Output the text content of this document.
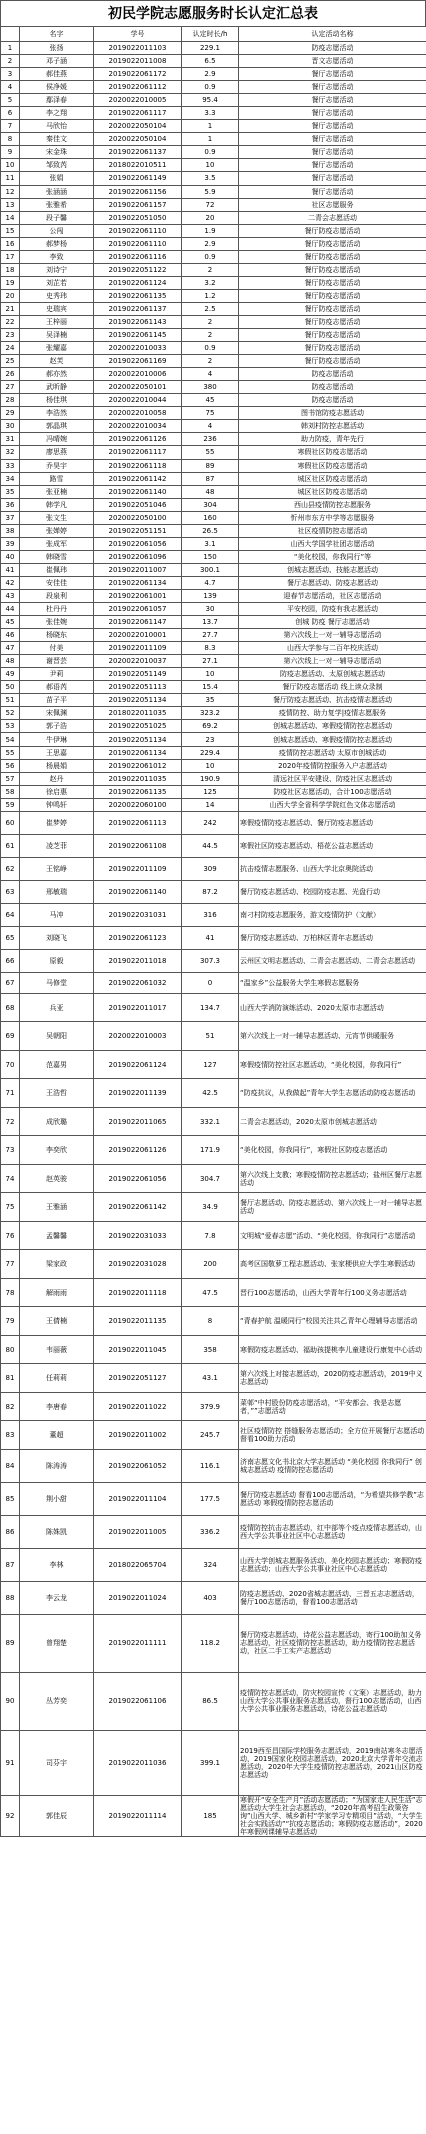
初民学院志愿服务时长认定汇总表
	名字	学号	认定时长/h	认定活动名称
1	张扬	2019022011103	229.1	防疫志愿活动
2	邓子涵	2019022011008	6.5	晋文志愿活动
3	郝佳燕	2019022061172	2.9	餐厅志愿活动
4	侯净媛	2019022061112	0.9	餐厅志愿活动
5	鄢泽春	2020022010005	95.4	餐厅志愿活动
6	李之翔	2019022061117	3.3	餐厅志愿活动
7	马欣怡	2020022050104	1	餐厅志愿活动
8	秦佳文	2020022050104	1	餐厅志愿活动
9	宋金珠	2019022061137	0.9	餐厅志愿活动
10	邹致芮	2018022010511	10	餐厅志愿活动
11	张娟	2019022061149	3.5	餐厅志愿活动
12	张涵涵	2019022061156	5.9	餐厅志愿活动
13	张雅希	2019022061157	72	社区志愿服务
14	段子馨	2019022051050	20	二青会志愿活动
15	公闯	2019022061110	1.9	餐厅防疫志愿活动
16	郝梦杨	2019022061110	2.9	餐厅防疫志愿活动
17	李致	2019022061116	0.9	餐厅防疫志愿活动
18	刘诗宁	2019022051122	2	餐厅防疫志愿活动
19	刘芷若	2019022061124	3.2	餐厅防疫志愿活动
20	史秀玮	2019022061135	1.2	餐厅防疫志愿活动
21	史瑞宾	2019022061137	2.5	餐厅防疫志愿活动
22	王梓丽	2019022061143	2	餐厅防疫志愿活动
23	吴泽楠	2019022061145	2	餐厅防疫志愿活动
24	张耀嘉	2020022010033	0.9	餐厅防疫志愿活动
25	赵芙	2019022061169	2	餐厅防疫志愿活动
26	郝亦然	2020022010006	4	防疫志愿活动
27	武昕静	2020022050101	380	防疫志愿活动
28	杨佳琪	2020022010044	45	防疫志愿活动
29	李浩然	2020022010058	75	图书馆防疫志愿活动
30	郭晶琪	2020022010034	4	韩刘村防控志愿活动
31	冯晴婉	2019022061126	236	助力防疫，青年先行
32	廖思燕	2019022061117	55	寒假社区防疫志愿活动
33	乔昊宇	2019022061118	89	寒假社区防疫志愿活动
34	路雪	2019022061142	87	城区社区防疫志愿活动
35	张亚楠	2019022061140	48	城区社区防疫志愿活动
36	韩学凡	2019022051046	304	西山县疫情防控志愿服务
37	张文生	2020022050100	160	忻州市东方中学等志愿服务
38	张婵婷	2019022051151	26.5	社区疫情防控志愿活动
39	张成军	2019022061056	3.1	山西大学国学社团志愿活动
40	韩晓雪	2019022061096	150	“美化校园，你我同行”等
41	崔佩玮	2019022011007	300.1	创城志愿活动、技能志愿活动
42	安佳佳	2019022061134	4.7	餐厅志愿活动、防疫志愿活动
43	段泉利	2019022061001	139	迎春节志愿活动，社区志愿活动
44	杜丹丹	2019022061057	30	平安校园，防疫有我志愿活动
45	张佳婉	2019022061147	13.7	创城 防疫 餐厅志愿活动
46	杨晓东	2020022010001	27.7	第六次线上一对一辅导志愿活动
47	付美	2019022011109	8.3	山西大学参与二百年校庆活动
48	谢晋芸	2020022010037	27.1	第六次线上一对一辅导志愿活动
49	尹莉	2019022051149	10	防疫志愿活动、太原创城志愿活动
50	郝语芮	2019022051113	15.4	餐厅防疫志愿活动 线上读众录制
51	苗子平	2019022051134	35	餐厅防疫志愿活动、抗击疫情志愿活动
52	宋佩渊	2018022011035	323.2	疫情防控、助力复学|疫情志愿服务
53	郭子浩	2019022051025	69.2	创城志愿活动、寒假疫情防控志愿活动
54	牛伊琳	2019022051134	23	创城志愿活动、寒假疫情防控志愿活动
55	王思嘉	2019022061134	229.4	疫情防控志愿活动 太原市创城活动
56	杨晨娟	2019022061012	10	2020年疫情防控服务入户志愿活动
57	赵丹	2019022011035	190.9	清远社区平安建设、防疫社区志愿活动
58	徐启惠	2019022061135	125	防疫社区志愿活动，合计100志愿活动
59	钟鸣轩	2020022060100	14	山西大学全省科学学院红色文体志愿活动
60	崔梦婷	2019022061113	242	寒假疫情防疫志愿活动、餐厅防疫志愿活动
61	凌芝菲	2019022061108	44.5	寒假社区防疫志愿活动、梧花公益志愿活动
62	王铭峥	2019022011109	309	抗击疫情志愿服务、山西大学北京奥院活动
63	邢敏瑞	2019022061140	87.2	餐厅防疫志愿活动、校园防疫志愿、光盘行动
64	马冲	2019022031031	316	南刁村防疫志愿服务，游文疫情防护（文献）
65	刘晓飞	2019022061123	41	餐厅防疫志愿活动、万柏林区青年志愿活动
66	原毅	2019022011018	307.3	云州区文明志愿活动、二青会志愿活动、二青会志愿活动
67	马修堂	2019022061032	0	“温家乡”公益服务大学生寒假志愿服务
68	兵亚	2019022011017	134.7	山西大学消防演练活动、2020太原市志愿活动
69	吴朝阳	2020022010003	51	第六次线上一对一辅导志愿活动、元宵节供暖服务
70	范嘉男	2019022061124	127	寒假疫情防控社区志愿活动，“美化校园，你我同行”
71	王浩哲	2019022011139	42.5	“防疫抗议，从我做起”青年大学生志愿活动防疫志愿活动
72	成欣璐	2019022011065	332.1	二青会志愿活动，2020太原市创城志愿活动
73	李奕欣	2019022061126	171.9	“美化校园，你我同行”，寒假社区防疫志愿活动
74	赵英骏	2019022061056	304.7	第六次线上支教；寒假疫情防控志愿活动；盐州区餐厅志愿活动
75	王雅涵	2019022061142	34.9	餐厅志愿活动、防疫志愿活动、第六次线上一对一辅导志愿活动
76	孟馨馨	2019022031033	7.8	文明城“爱春志愿”活动、“美化校园，你我同行”志愿活动
77	梁家政	2019022031028	200	高考区国敬萝工程志愿活动、张家梗供应大学生寒假活动
78	解雨雨	2019022011118	47.5	晋行100志愿活动，山西大学青年行100义务志愿活动
79	王倩楠	2019022011135	8	“青春护航 温暖同行”校园关注共乙青年心理辅导志愿活动
80	韦丽薇	2019022011045	358	寒假防疫志愿活动、福助孩提桃李儿童建设行康复中心活动
81	任莉莉	2019022051127	43.1	第六次线上对接志愿活动，2020防疫志愿活动，2019中义志愿活动
82	李唐春	2019022011022	379.9	菜邨“中村股份防疫志愿活动，“平安都会、我是志愿者，””志愿活动
83	董超	2019022011002	245.7	社区疫情防控 搭缝服务志愿活动；全方位开展餐厅志愿活动 督看100助力活动
84	陈涛涛	2019022061052	116.1	济南志愿文化书北京大学志愿活动 “美化校园 你我同行” 创城志愿活动 疫情防控志愿活动
85	荆小甜	2019022011104	177.5	餐厅防疫志愿活动 督看100志愿活动，“为希望共修学教”志愿活动 寒假疫情防控志愿活动
86	陈姝凯	2019022011005	336.2	疫情防控抗击志愿活动，红中部等个疫点疫情志愿活动，山西大学公共事业社区中心志愿活动
87	李林	2018022065704	324	山西大学创城志愿服务活动、美化校园志愿活动；寒假防疫志愿活动；山西大学公共事业社区中心志愿活动
88	李云龙	2019022011024	403	防疫志愿活动、2020省城志愿活动、三晋五志志愿活动，餐厅100志愿活动，督看100志愿活动
89	曾翔楚	2019022011111	118.2	餐厅防疫志愿活动，诗花公益志愿活动，寄行100助加义务志愿活动，社区疫情防控志愿活动，助力疫情防控志愿活动，社区二手工实产志愿活动
90	丛芳奕	2019022061106	86.5	疫情防控志愿活动，防灾校园宣传（文案）志愿活动，助力山西大学公共事业服务志愿活动，督行100志愿活动，山西大学公共事业服务志愿活动，诗花公益志愿活动
91	司芬宇	2019022011036	399.1	2019西至昌国际学校服务志愿活动，2019南站寒冬志愿活动，2019国家化校园志愿活动，2020北京大学青年交流志愿活动，2020年大学生疫情防控志愿活动，2021山区防疫志愿活动
92	郭佳辰	2019022011114	185	寒假开“安全生产月”活动志愿活动；“为国家走人民生活”志愿活动大学生社会志愿活动，“2020年高考招生政策咨询”山西大学、城乡新村“学家学习专精项目”活动，“大学生社会实践活动”“抗疫志愿活动；寒假防疫志愿活动”，2020年寒假网课辅导志愿活动
